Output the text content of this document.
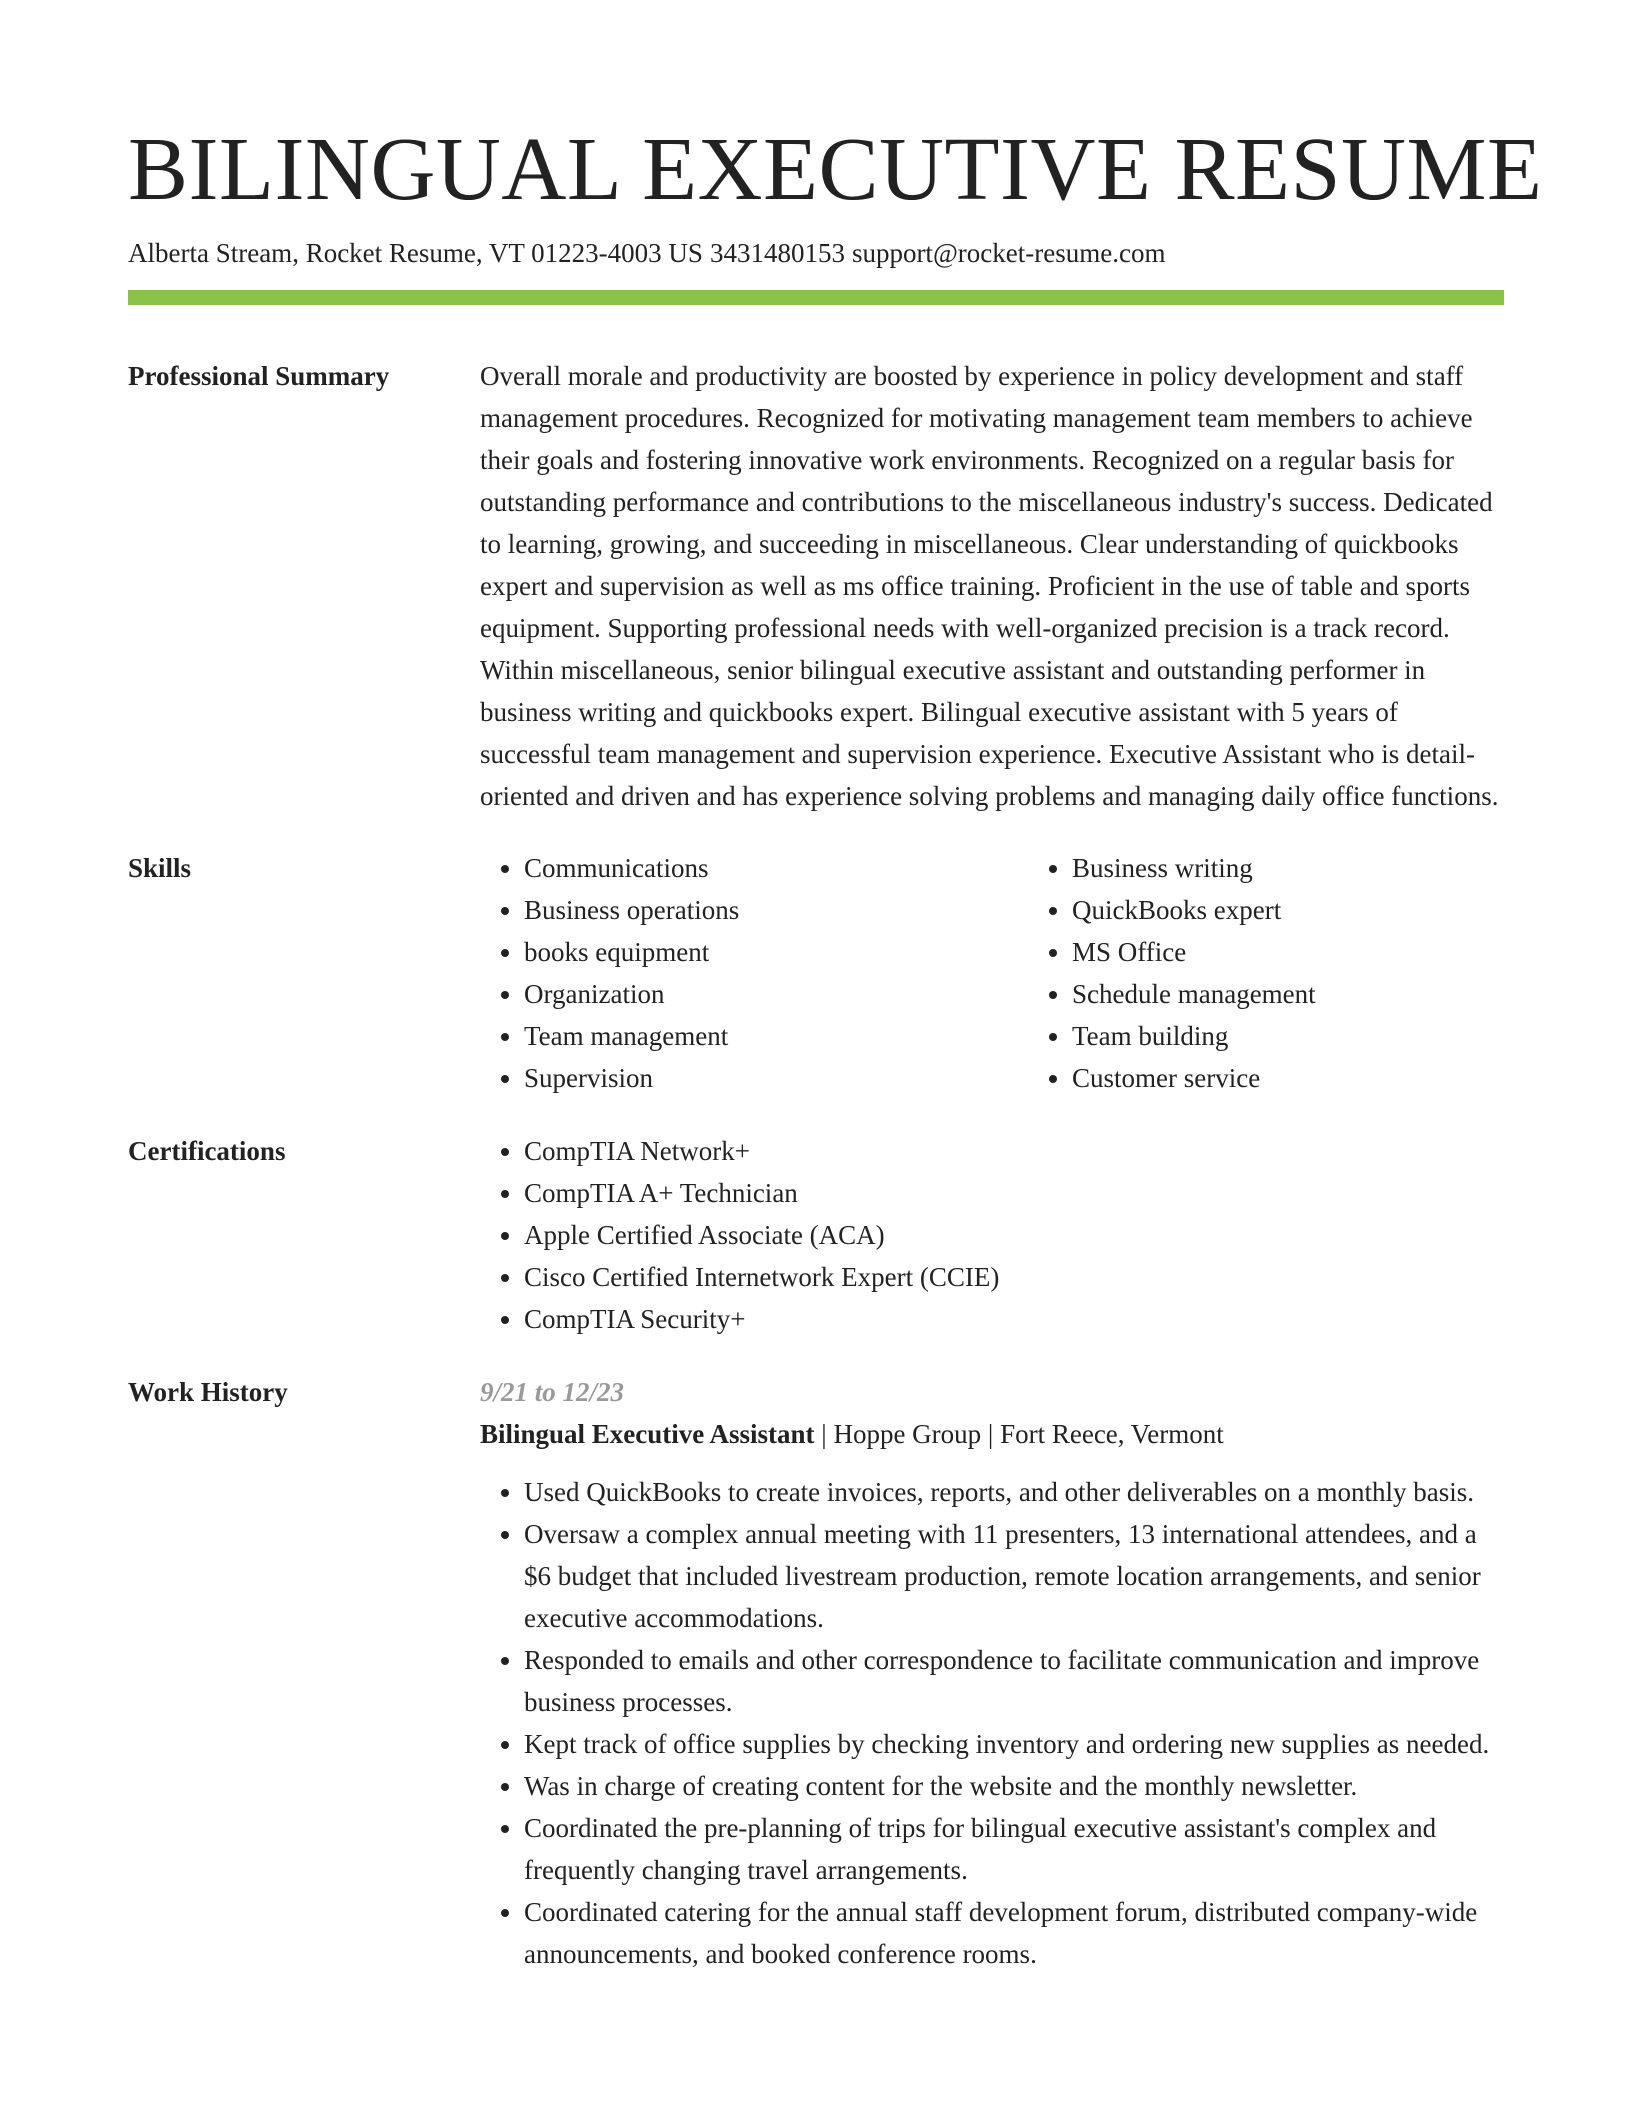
BILINGUAL EXECUTIVE RESUME
Alberta Stream, Rocket Resume, VT 01223-4003 US 3431480153 support@rocket-resume.com
Professional Summary	Overall morale and productivity are boosted by experience in policy development and staff management procedures. Recognized for motivating management team members to achieve their goals and fostering innovative work environments. Recognized on a regular basis for outstanding performance and contributions to the miscellaneous industry's success. Dedicated to learning, growing, and succeeding in miscellaneous. Clear understanding of quickbooks expert and supervision as well as ms office training. Proficient in the use of table and sports equipment. Supporting professional needs with well-organized precision is a track record. Within miscellaneous, senior bilingual executive assistant and outstanding performer in business writing and quickbooks expert. Bilingual executive assistant with 5 years of successful team management and supervision experience. Executive Assistant who is detail-oriented and driven and has experience solving problems and managing daily office functions.
Skills	• Communications
• Business operations
• books equipment
• Organization
• Team management
• Supervision
• Business writing
• QuickBooks expert
• MS Office
• Schedule management
• Team building
• Customer service
Certifications	• CompTIA Network+
• CompTIA A+ Technician
• Apple Certified Associate (ACA)
• Cisco Certified Internetwork Expert (CCIE)
• CompTIA Security+
Work History	9/21 to 12/23
Bilingual Executive Assistant | Hoppe Group | Fort Reece, Vermont
• Used QuickBooks to create invoices, reports, and other deliverables on a monthly basis.
• Oversaw a complex annual meeting with 11 presenters, 13 international attendees, and a $6 budget that included livestream production, remote location arrangements, and senior executive accommodations.
• Responded to emails and other correspondence to facilitate communication and improve business processes.
• Kept track of office supplies by checking inventory and ordering new supplies as needed.
• Was in charge of creating content for the website and the monthly newsletter.
• Coordinated the pre-planning of trips for bilingual executive assistant's complex and frequently changing travel arrangements.
• Coordinated catering for the annual staff development forum, distributed company-wide announcements, and booked conference rooms.
